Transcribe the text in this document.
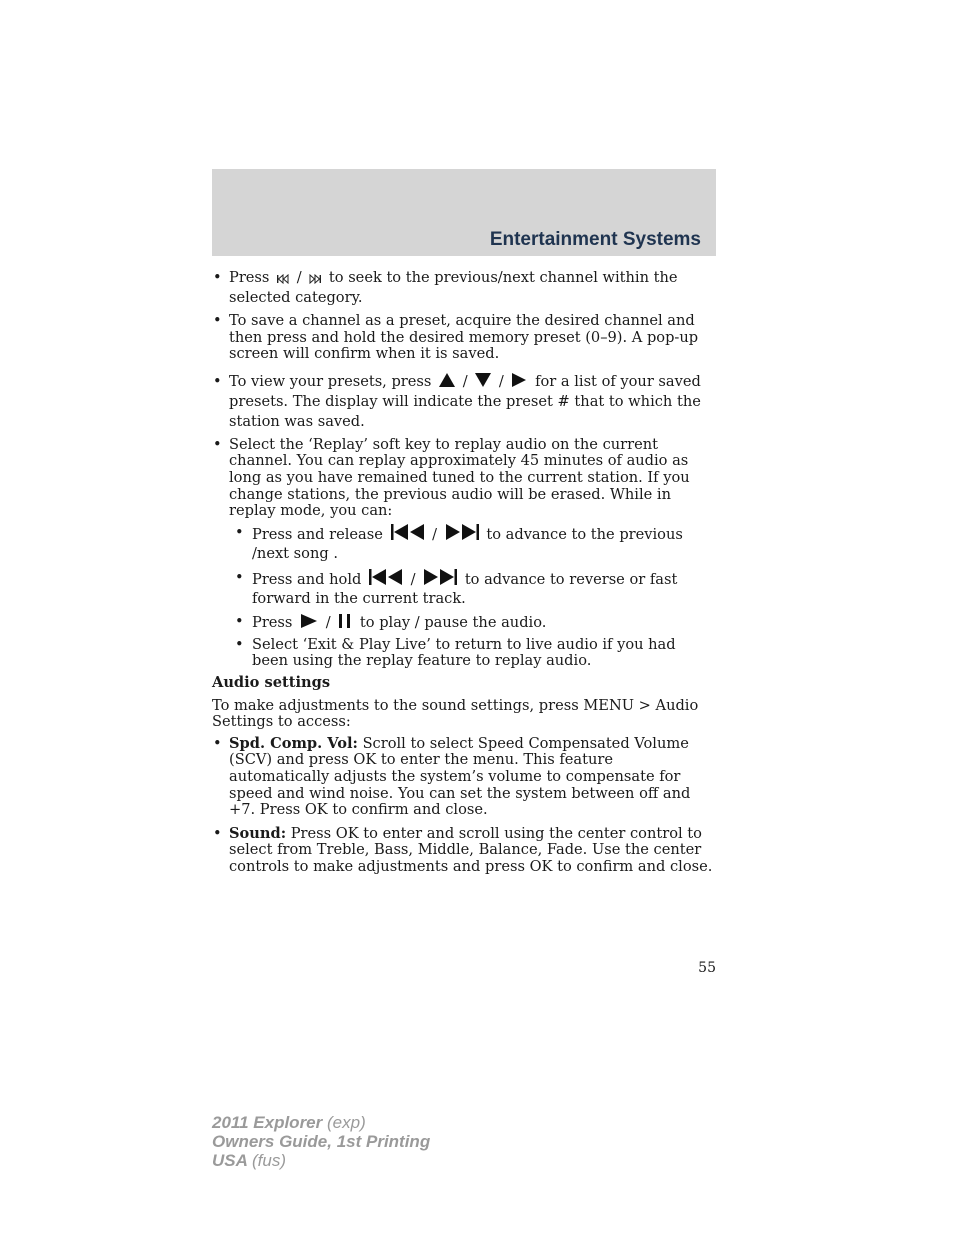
Entertainment Systems
• Press / to seek to the previous/next channel within the selected category.
• To save a channel as a preset, acquire the desired channel and then press and hold the desired memory preset (0–9). A pop-up screen will confirm when it is saved.
• To view your presets, press / / for a list of your saved presets. The display will indicate the preset # that to which the station was saved.
• Select the ‘Replay’ soft key to replay audio on the current channel. You can replay approximately 45 minutes of audio as long as you have remained tuned to the current station. If you change stations, the previous audio will be erased. While in replay mode, you can:
• Press and release	/	to advance to the previous /next song .
• Press and hold	/	to advance to reverse or fast forward in the current track.
• Press / to play / pause the audio.
• Select ‘Exit & Play Live’ to return to live audio if you had been using the replay feature to replay audio.
Audio settings
To make adjustments to the sound settings, press MENU > Audio Settings to access:
• Spd. Comp. Vol: Scroll to select Speed Compensated Volume (SCV) and press OK to enter the menu. This feature automatically adjusts the system’s volume to compensate for speed and wind noise. You can set the system between off and +7. Press OK to confirm and close.
• Sound: Press OK to enter and scroll using the center control to select from Treble, Bass, Middle, Balance, Fade. Use the center controls to make adjustments and press OK to confirm and close.
55
2011 Explorer (exp)
Owners Guide, 1st Printing
USA (fus)
